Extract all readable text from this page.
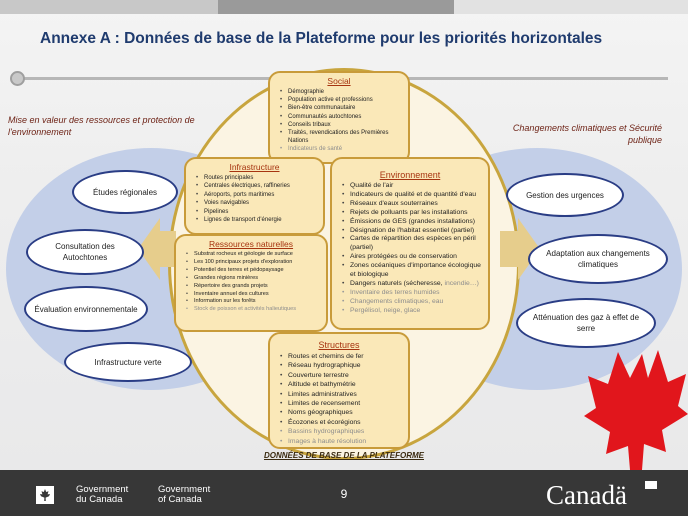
Annexe A : Données de base de la Plateforme pour les priorités horizontales
Mise en valeur des ressources et protection de l'environnement	Changements climatiques et Sécurité publique
Études régionales
Consultation des Autochtones
Évaluation environnementale
Infrastructure verte
Gestion des urgences
Adaptation aux changements climatiques
Atténuation des gaz à effet de serre
Social
• Démographie
• Population active et professions
• Bien-être communautaire
• Communautés autochtones
• Conseils tribaux
• Traités, revendications des Premières Nations
• Indicateurs de santé
Infrastructure
• Routes principales
• Centrales électriques, raffineries
• Aéroports, ports maritimes
• Voies navigables
• Pipelines
• Lignes de transport d'énergie
Environnement
• Qualité de l'air
• Indicateurs de qualité et de quantité d'eau
• Réseaux d'eaux souterraines
• Rejets de polluants par les installations
• Émissions de GES (grandes installations)
• Désignation de l'habitat essentiel (partiel)
• Cartes de répartition des espèces en péril (partiel)
• Aires protégées ou de conservation
• Zones océaniques d'importance écologique et biologique
• Dangers naturels (sécheresse, incendie…)
• Inventaire des terres humides
• Changements climatiques, eau
• Pergélisol, neige, glace
Ressources naturelles
• Substrat rocheux et géologie de surface
• Les 100 principaux projets d'exploration
• Potentiel des terres et pédopaysage
• Grandes régions minières
• Répertoire des grands projets
• Inventaire annuel des cultures
• Information sur les forêts
• Stock de poisson et activités halieutiques
Structures
• Routes et chemins de fer
• Réseau hydrographique
• Couverture terrestre
• Altitude et bathymétrie
• Limites administratives
• Limites de recensement
• Noms géographiques
• Écozones et écorégions
• Bassins hydrographiques
• Images à haute résolution
DONNÉES DE BASE DE LA PLATEFORME
Government
du Canada
Government
of Canada	9	Canadä
